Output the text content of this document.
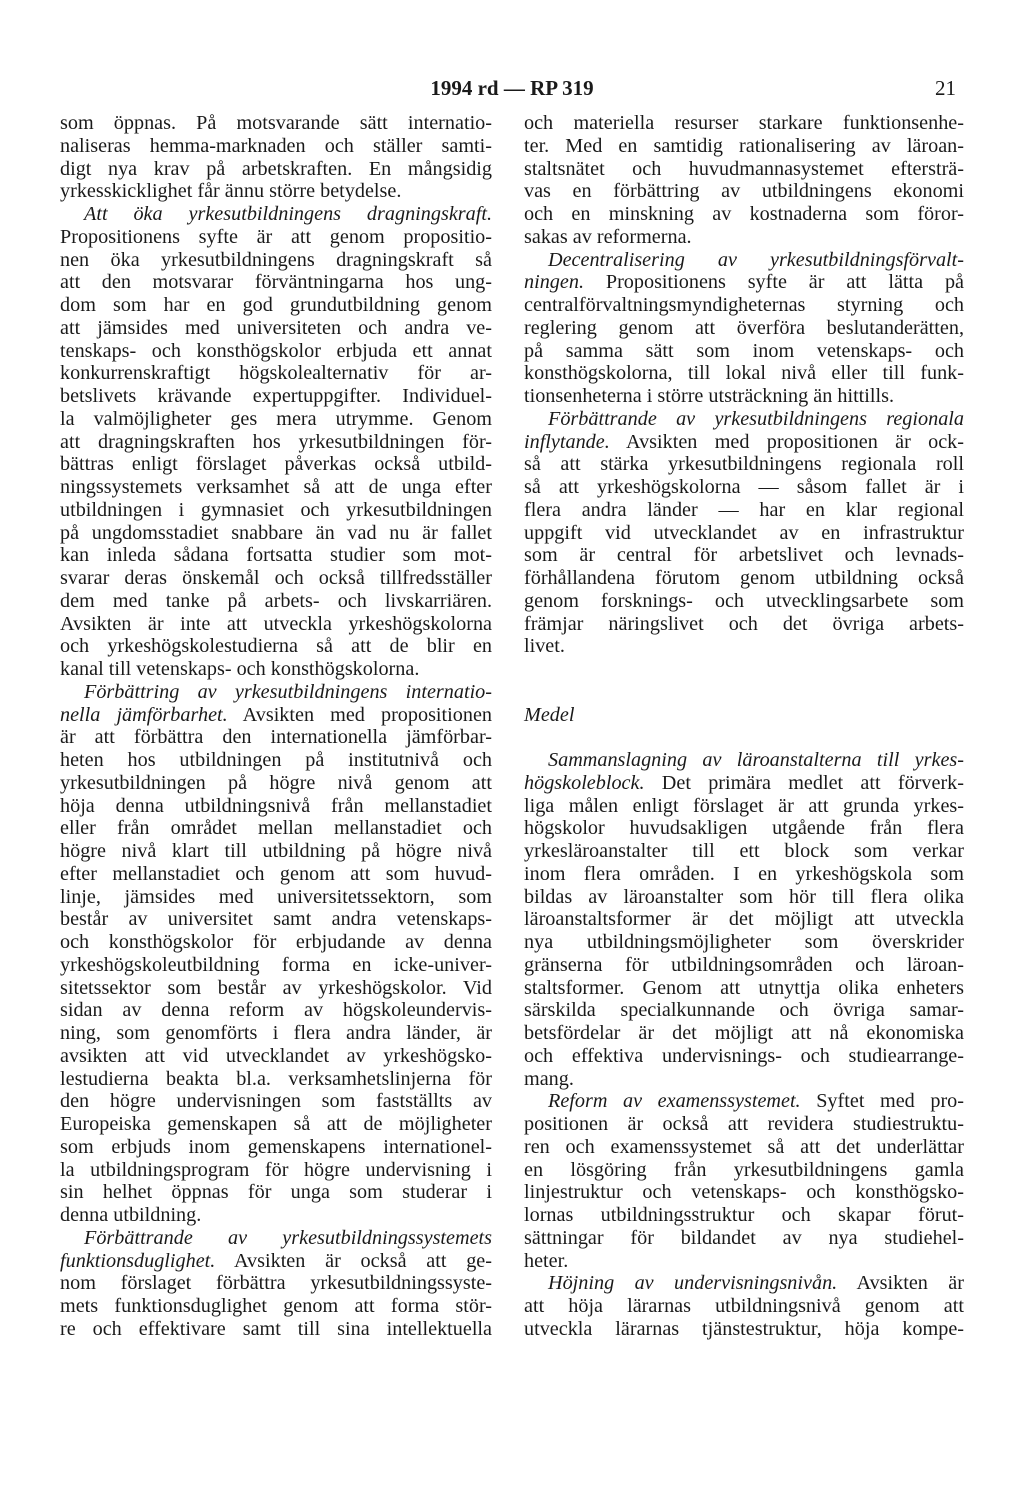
1994 rd — RP 319	21
som öppnas. På motsvarande sätt internatio-
naliseras hemma-marknaden och ställer samti-
digt nya krav på arbetskraften. En mångsidig
yrkesskicklighet får ännu större betydelse.
Att öka yrkesutbildningens dragningskraft.
Propositionens syfte är att genom propositio-
nen öka yrkesutbildningens dragningskraft så
att den motsvarar förväntningarna hos ung-
dom som har en god grundutbildning genom
att jämsides med universiteten och andra ve-
tenskaps- och konsthögskolor erbjuda ett annat
konkurrenskraftigt högskolealternativ för ar-
betslivets krävande expertuppgifter. Individuel-
la valmöjligheter ges mera utrymme. Genom
att dragningskraften hos yrkesutbildningen för-
bättras enligt förslaget påverkas också utbild-
ningssystemets verksamhet så att de unga efter
utbildningen i gymnasiet och yrkesutbildningen
på ungdomsstadiet snabbare än vad nu är fallet
kan inleda sådana fortsatta studier som mot-
svarar deras önskemål och också tillfredsställer
dem med tanke på arbets- och livskarriären.
Avsikten är inte att utveckla yrkeshögskolorna
och yrkeshögskolestudierna så att de blir en
kanal till vetenskaps- och konsthögskolorna.
Förbättring av yrkesutbildningens internatio-
nella jämförbarhet. Avsikten med propositionen
är att förbättra den internationella jämförbar-
heten hos utbildningen på institutnivå och
yrkesutbildningen på högre nivå genom att
höja denna utbildningsnivå från mellanstadiet
eller från området mellan mellanstadiet och
högre nivå klart till utbildning på högre nivå
efter mellanstadiet och genom att som huvud-
linje, jämsides med universitetssektorn, som
består av universitet samt andra vetenskaps-
och konsthögskolor för erbjudande av denna
yrkeshögskoleutbildning forma en icke-univer-
sitetssektor som består av yrkeshögskolor. Vid
sidan av denna reform av högskoleundervis-
ning, som genomförts i flera andra länder, är
avsikten att vid utvecklandet av yrkeshögsko-
lestudierna beakta bl.a. verksamhetslinjerna för
den högre undervisningen som fastställts av
Europeiska gemenskapen så att de möjligheter
som erbjuds inom gemenskapens internationel-
la utbildningsprogram för högre undervisning i
sin helhet öppnas för unga som studerar i
denna utbildning.
Förbättrande av yrkesutbildningssystemets
funktionsduglighet. Avsikten är också att ge-
nom förslaget förbättra yrkesutbildningssyste-
mets funktionsduglighet genom att forma stör-
re och effektivare samt till sina intellektuella
och materiella resurser starkare funktionsenhe-
ter. Med en samtidig rationalisering av läroan-
staltsnätet och huvudmannasystemet eftersträ-
vas en förbättring av utbildningens ekonomi
och en minskning av kostnaderna som föror-
sakas av reformerna.
Decentralisering av yrkesutbildningsförvalt-
ningen. Propositionens syfte är att lätta på
centralförvaltningsmyndigheternas styrning och
reglering genom att överföra beslutanderätten,
på samma sätt som inom vetenskaps- och
konsthögskolorna, till lokal nivå eller till funk-
tionsenheterna i större utsträckning än hittills.
Förbättrande av yrkesutbildningens regionala
inflytande. Avsikten med propositionen är ock-
så att stärka yrkesutbildningens regionala roll
så att yrkeshögskolorna — såsom fallet är i
flera andra länder — har en klar regional
uppgift vid utvecklandet av en infrastruktur
som är central för arbetslivet och levnads-
förhållandena förutom genom utbildning också
genom forsknings- och utvecklingsarbete som
främjar näringslivet och det övriga arbets-
livet.
Medel
Sammanslagning av läroanstalterna till yrkes-
högskoleblock. Det primära medlet att förverk-
liga målen enligt förslaget är att grunda yrkes-
högskolor huvudsakligen utgående från flera
yrkesläroanstalter till ett block som verkar
inom flera områden. I en yrkeshögskola som
bildas av läroanstalter som hör till flera olika
läroanstaltsformer är det möjligt att utveckla
nya utbildningsmöjligheter som överskrider
gränserna för utbildningsområden och läroan-
staltsformer. Genom att utnyttja olika enheters
särskilda specialkunnande och övriga samar-
betsfördelar är det möjligt att nå ekonomiska
och effektiva undervisnings- och studiearrange-
mang.
Reform av examenssystemet. Syftet med pro-
positionen är också att revidera studiestruktu-
ren och examenssystemet så att det underlättar
en lösgöring från yrkesutbildningens gamla
linjestruktur och vetenskaps- och konsthögsko-
lornas utbildningsstruktur och skapar förut-
sättningar för bildandet av nya studiehel-
heter.
Höjning av undervisningsnivån. Avsikten är
att höja lärarnas utbildningsnivå genom att
utveckla lärarnas tjänstestruktur, höja kompe-
